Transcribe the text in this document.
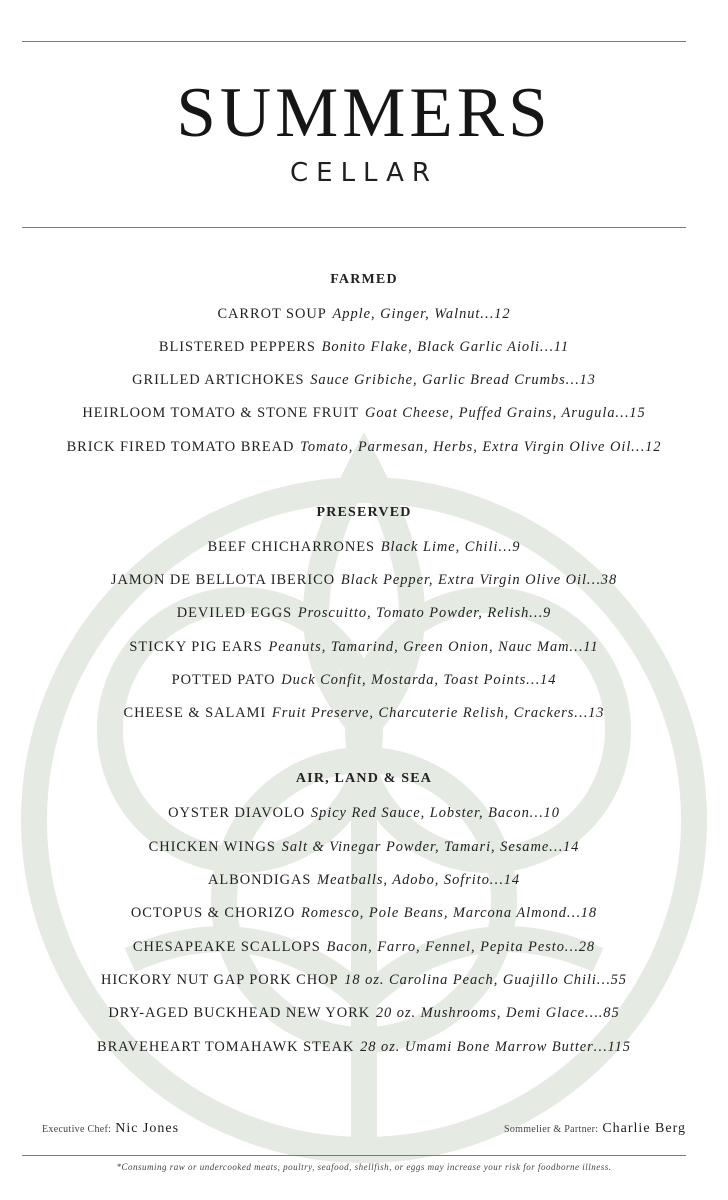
SUMMERS
CELLAR
FARMED
CARROT SOUP Apple, Ginger, Walnut…12
BLISTERED PEPPERS Bonito Flake, Black Garlic Aioli…11
GRILLED ARTICHOKES Sauce Gribiche, Garlic Bread Crumbs…13
HEIRLOOM TOMATO & STONE FRUIT Goat Cheese, Puffed Grains, Arugula…15
BRICK FIRED TOMATO BREAD Tomato, Parmesan, Herbs, Extra Virgin Olive Oil…12
PRESERVED
BEEF CHICHARRONES Black Lime, Chili…9
JAMON DE BELLOTA IBERICO Black Pepper, Extra Virgin Olive Oil…38
DEVILED EGGS Proscuitto, Tomato Powder, Relish…9
STICKY PIG EARS Peanuts, Tamarind, Green Onion, Nauc Mam…11
POTTED PATO Duck Confit, Mostarda, Toast Points…14
CHEESE & SALAMI Fruit Preserve, Charcuterie Relish, Crackers…13
AIR, LAND & SEA
OYSTER DIAVOLO Spicy Red Sauce, Lobster, Bacon…10
CHICKEN WINGS Salt & Vinegar Powder, Tamari, Sesame…14
ALBONDIGAS Meatballs, Adobo, Sofrito…14
OCTOPUS & CHORIZO Romesco, Pole Beans, Marcona Almond…18
CHESAPEAKE SCALLOPS Bacon, Farro, Fennel, Pepita Pesto…28
HICKORY NUT GAP PORK CHOP 18 oz. Carolina Peach, Guajillo Chili…55
DRY-AGED BUCKHEAD NEW YORK 20 oz. Mushrooms, Demi Glace….85
BRAVEHEART TOMAHAWK STEAK 28 oz. Umami Bone Marrow Butter…115
Executive Chef: Nic Jones	Sommelier & Partner: Charlie Berg
*Consuming raw or undercooked meats, poultry, seafood, shellfish, or eggs may increase your risk for foodborne illness.
